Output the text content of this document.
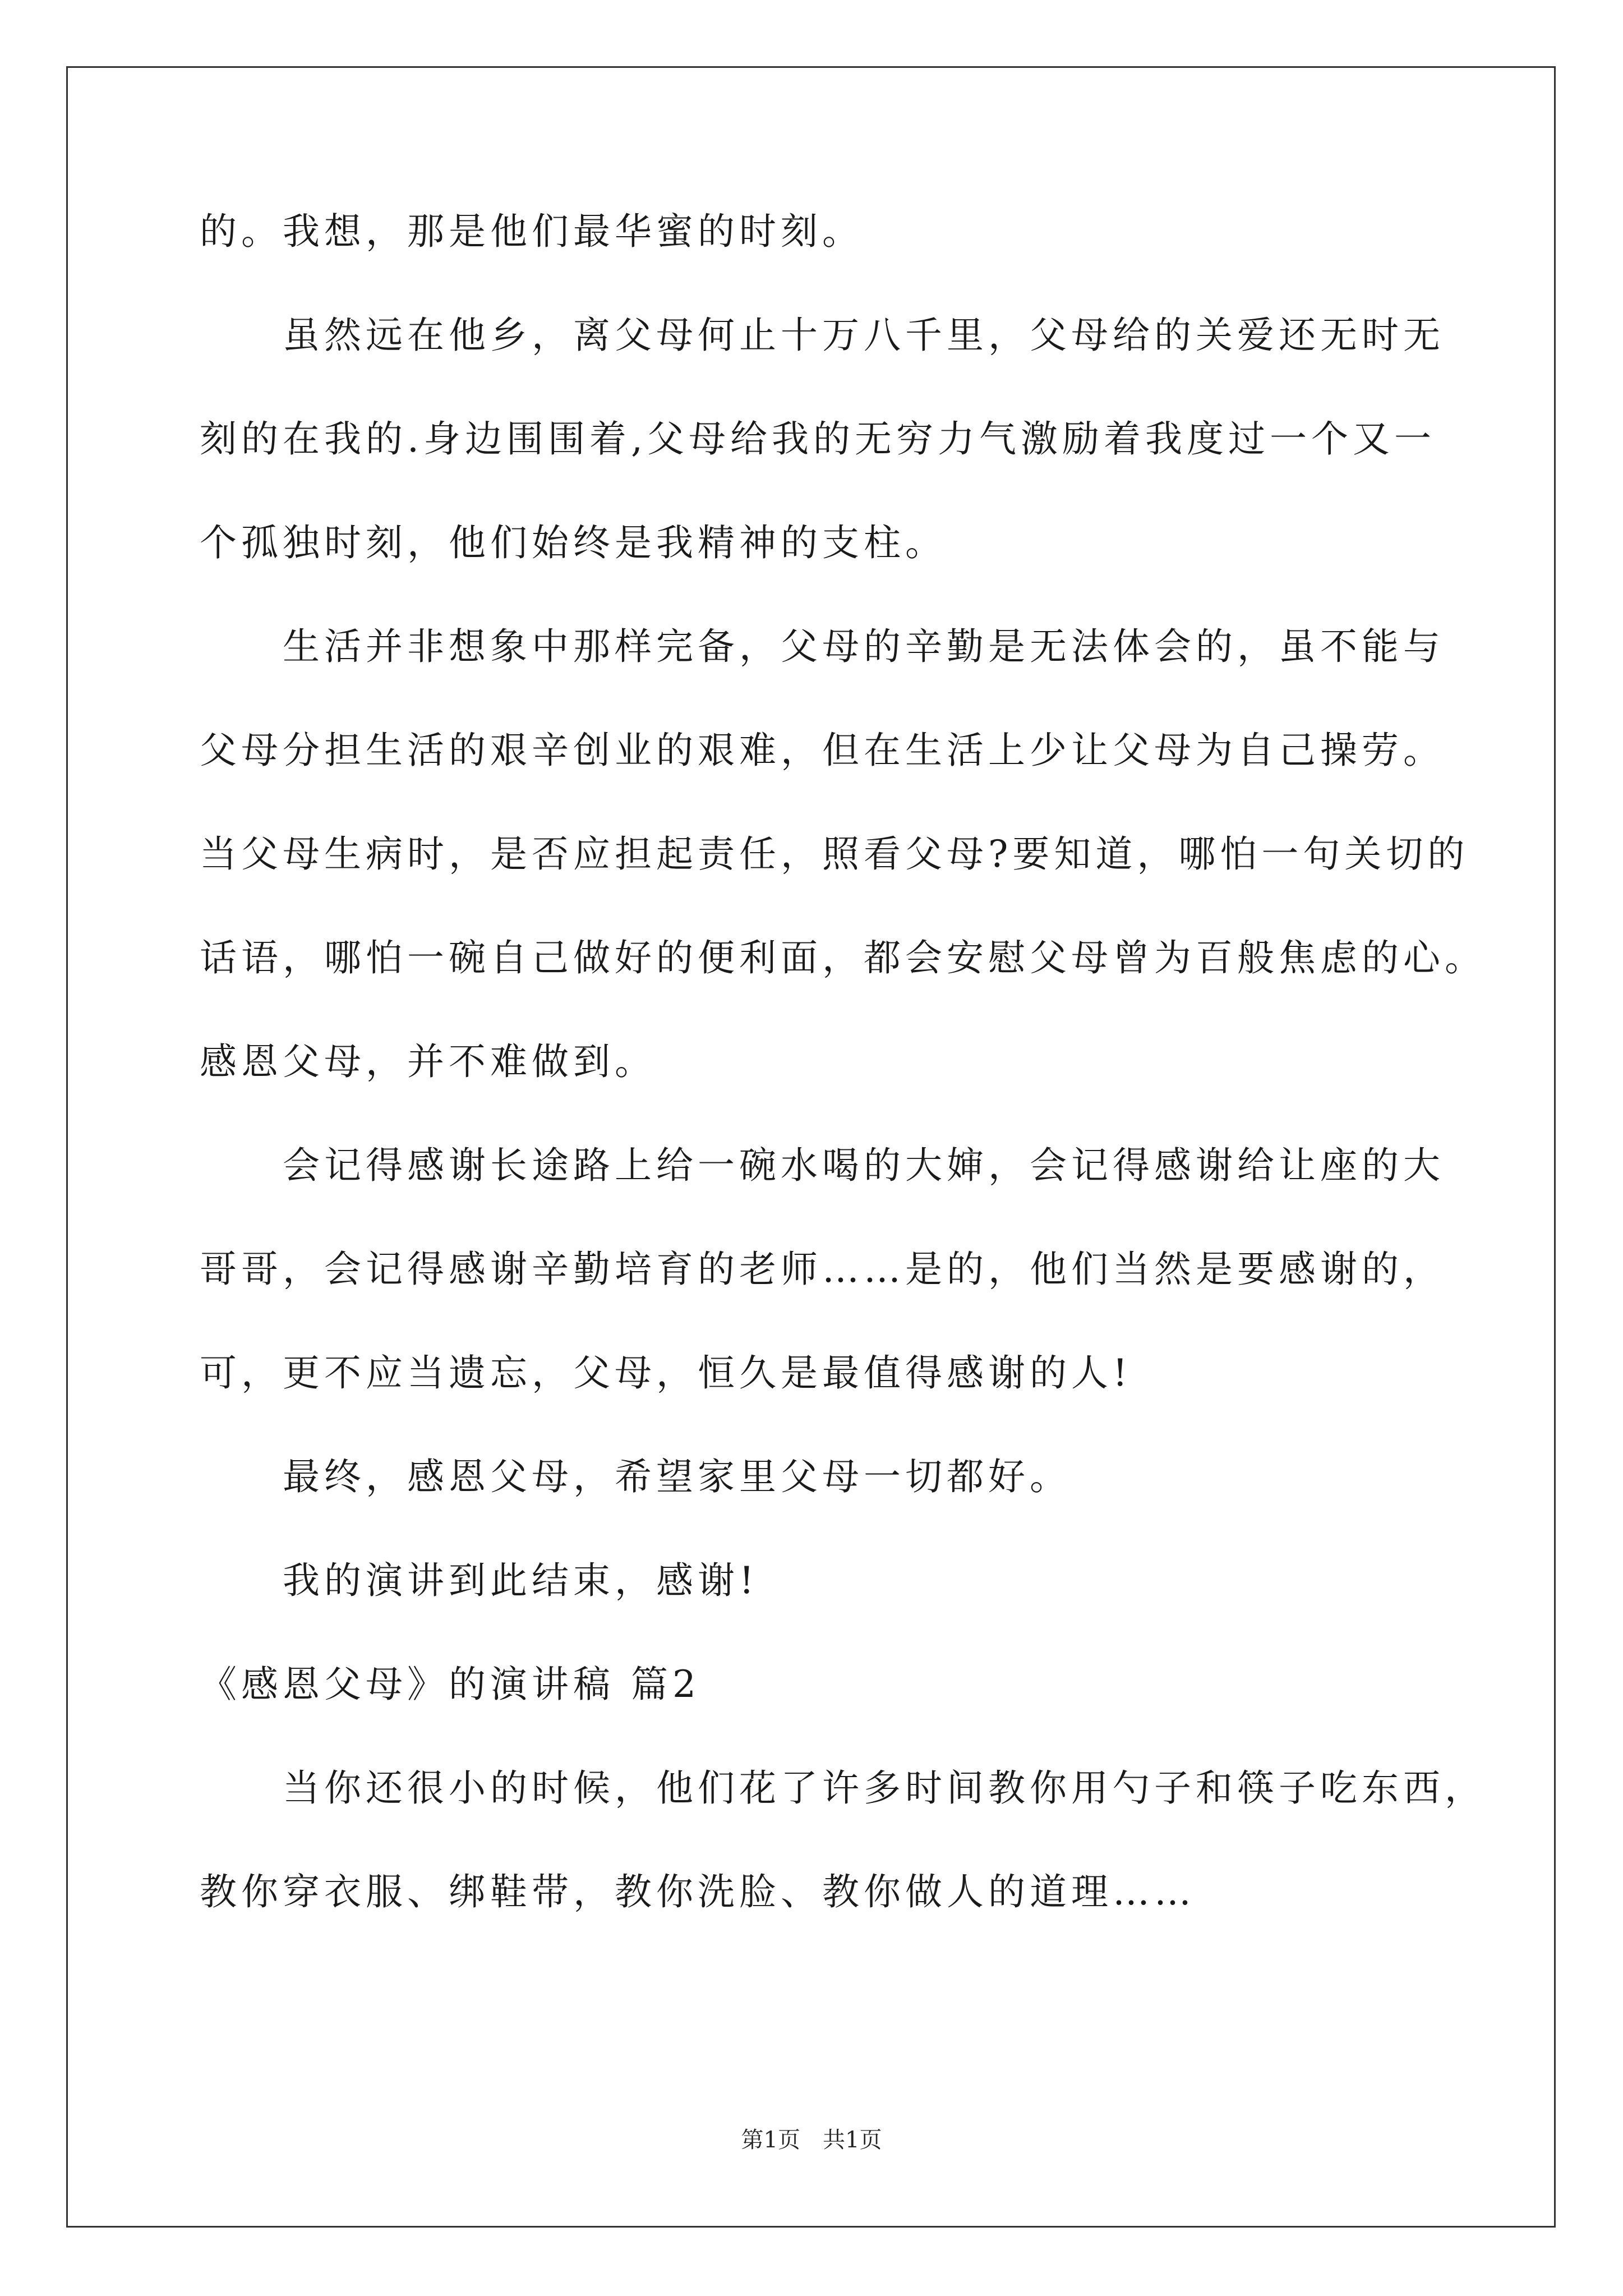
的。我想，那是他们最华蜜的时刻。
　　虽然远在他乡，离父母何止十万八千里，父母给的关爱还无时无
刻的在我的.身边围围着,父母给我的无穷力气激励着我度过一个又一
个孤独时刻，他们始终是我精神的支柱。
　　生活并非想象中那样完备，父母的辛勤是无法体会的，虽不能与
父母分担生活的艰辛创业的艰难，但在生活上少让父母为自己操劳。
当父母生病时，是否应担起责任，照看父母?要知道，哪怕一句关切的
话语，哪怕一碗自己做好的便利面，都会安慰父母曾为百般焦虑的心。
感恩父母，并不难做到。
　　会记得感谢长途路上给一碗水喝的大婶，会记得感谢给让座的大
哥哥，会记得感谢辛勤培育的老师……是的，他们当然是要感谢的，
可，更不应当遗忘，父母，恒久是最值得感谢的人!
　　最终，感恩父母，希望家里父母一切都好。
　　我的演讲到此结束，感谢!
《感恩父母》的演讲稿 篇2
　　当你还很小的时候，他们花了许多时间教你用勺子和筷子吃东西，
教你穿衣服、绑鞋带，教你洗脸、教你做人的道理……
第1页　共1页
